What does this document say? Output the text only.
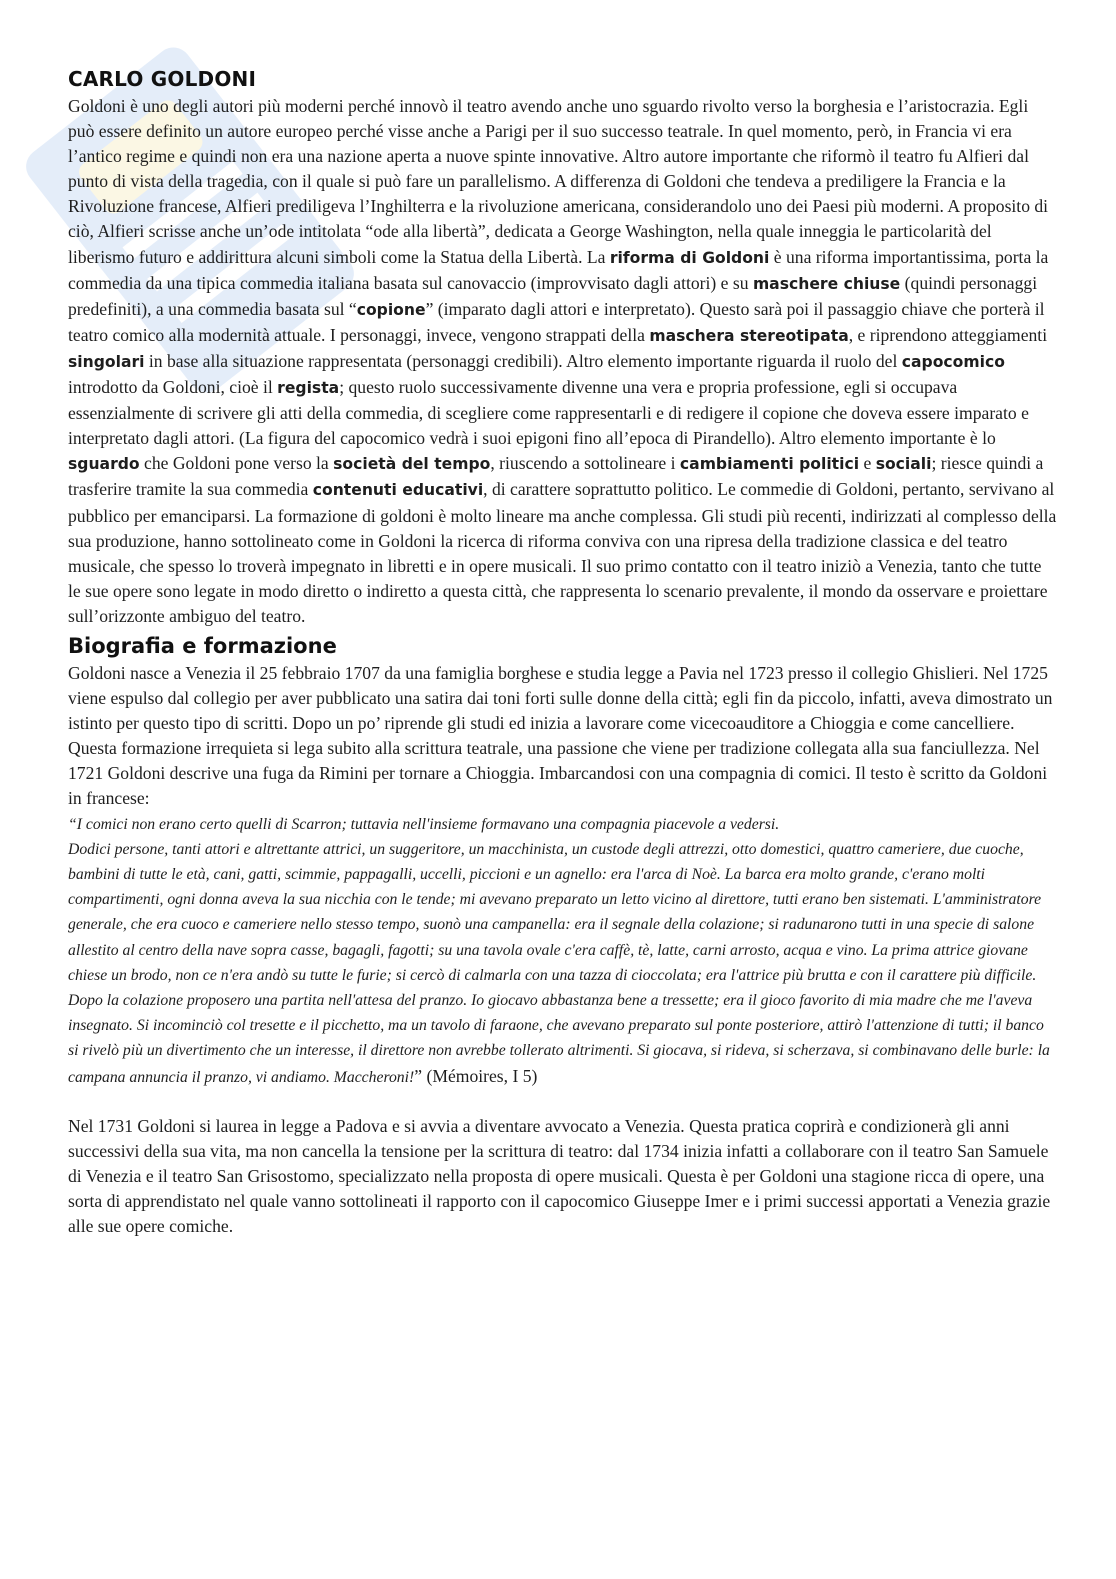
CARLO GOLDONI

Goldoni è uno degli autori più moderni perché innovò il teatro avendo anche uno sguardo rivolto verso la borghesia e l’aristocrazia. Egli può essere definito un autore europeo perché visse anche a Parigi per il suo successo teatrale. In quel momento, però, in Francia vi era l’antico regime e quindi non era una nazione aperta a nuove spinte innovative. Altro autore importante che riformò il teatro fu Alfieri dal punto di vista della tragedia, con il quale si può fare un parallelismo. A differenza di Goldoni che tendeva a prediligere la Francia e la Rivoluzione francese, Alfieri prediligeva l’Inghilterra e la rivoluzione americana, considerandolo uno dei Paesi più moderni. A proposito di ciò, Alfieri scrisse anche un’ode intitolata “ode alla libertà”, dedicata a George Washington, nella quale inneggia le particolarità del liberismo futuro e addirittura alcuni simboli come la Statua della Libertà. La riforma di Goldoni è una riforma importantissima, porta la commedia da una tipica commedia italiana basata sul canovaccio (improvvisato dagli attori) e su maschere chiuse (quindi personaggi predefiniti), a una commedia basata sul “copione” (imparato dagli attori e interpretato). Questo sarà poi il passaggio chiave che porterà il teatro comico alla modernità attuale. I personaggi, invece, vengono strappati della maschera stereotipata, e riprendono atteggiamenti singolari in base alla situazione rappresentata (personaggi credibili). Altro elemento importante riguarda il ruolo del capocomico introdotto da Goldoni, cioè il regista; questo ruolo successivamente divenne una vera e propria professione, egli si occupava essenzialmente di scrivere gli atti della commedia, di scegliere come rappresentarli e di redigere il copione che doveva essere imparato e interpretato dagli attori. (La figura del capocomico vedrà i suoi epigoni fino all’epoca di Pirandello). Altro elemento importante è lo sguardo che Goldoni pone verso la società del tempo, riuscendo a sottolineare i cambiamenti politici e sociali; riesce quindi a trasferire tramite la sua commedia contenuti educativi, di carattere soprattutto politico. Le commedie di Goldoni, pertanto, servivano al pubblico per emanciparsi. La formazione di goldoni è molto lineare ma anche complessa. Gli studi più recenti, indirizzati al complesso della sua produzione, hanno sottolineato come in Goldoni la ricerca di riforma conviva con una ripresa della tradizione classica e del teatro musicale, che spesso lo troverà impegnato in libretti e in opere musicali. Il suo primo contatto con il teatro iniziò a Venezia, tanto che tutte le sue opere sono legate in modo diretto o indiretto a questa città, che rappresenta lo scenario prevalente, il mondo da osservare e proiettare sull’orizzonte ambiguo del teatro.

Biografia e formazione

Goldoni nasce a Venezia il 25 febbraio 1707 da una famiglia borghese e studia legge a Pavia nel 1723 presso il collegio Ghislieri. Nel 1725 viene espulso dal collegio per aver pubblicato una satira dai toni forti sulle donne della città; egli fin da piccolo, infatti, aveva dimostrato un istinto per questo tipo di scritti. Dopo un po’ riprende gli studi ed inizia a lavorare come vicecoauditore a Chioggia e come cancelliere. Questa formazione irrequieta si lega subito alla scrittura teatrale, una passione che viene per tradizione collegata alla sua fanciullezza. Nel 1721 Goldoni descrive una fuga da Rimini per tornare a Chioggia. Imbarcandosi con una compagnia di comici. Il testo è scritto da Goldoni in francese:

“I comici non erano certo quelli di Scarron; tuttavia nell'insieme formavano una compagnia piacevole a vedersi.
Dodici persone, tanti attori e altrettante attrici, un suggeritore, un macchinista, un custode degli attrezzi, otto domestici, quattro cameriere, due cuoche, bambini di tutte le età, cani, gatti, scimmie, pappagalli, uccelli, piccioni e un agnello: era l'arca di Noè. La barca era molto grande, c'erano molti compartimenti, ogni donna aveva la sua nicchia con le tende; mi avevano preparato un letto vicino al direttore, tutti erano ben sistemati. L'amministratore generale, che era cuoco e cameriere nello stesso tempo, suonò una campanella: era il segnale della colazione; si radunarono tutti in una specie di salone allestito al centro della nave sopra casse, bagagli, fagotti; su una tavola ovale c'era caffè, tè, latte, carni arrosto, acqua e vino. La prima attrice giovane chiese un brodo, non ce n'era andò su tutte le furie; si cercò di calmarla con una tazza di cioccolata; era l'attrice più brutta e con il carattere più difficile. Dopo la colazione proposero una partita nell'attesa del pranzo. Io giocavo abbastanza bene a tressette; era il gioco favorito di mia madre che me l'aveva insegnato. Si incominciò col tresette e il picchetto, ma un tavolo di faraone, che avevano preparato sul ponte posteriore, attirò l'attenzione di tutti; il banco si rivelò più un divertimento che un interesse, il direttore non avrebbe tollerato altrimenti. Si giocava, si rideva, si scherzava, si combinavano delle burle: la campana annuncia il pranzo, vi andiamo. Maccheroni!” (Mémoires, I 5)

Nel 1731 Goldoni si laurea in legge a Padova e si avvia a diventare avvocato a Venezia. Questa pratica coprirà e condizionerà gli anni successivi della sua vita, ma non cancella la tensione per la scrittura di teatro: dal 1734 inizia infatti a collaborare con il teatro San Samuele di Venezia e il teatro San Grisostomo, specializzato nella proposta di opere musicali. Questa è per Goldoni una stagione ricca di opere, una sorta di apprendistato nel quale vanno sottolineati il rapporto con il capocomico Giuseppe Imer e i primi successi apportati a Venezia grazie alle sue opere comiche.
